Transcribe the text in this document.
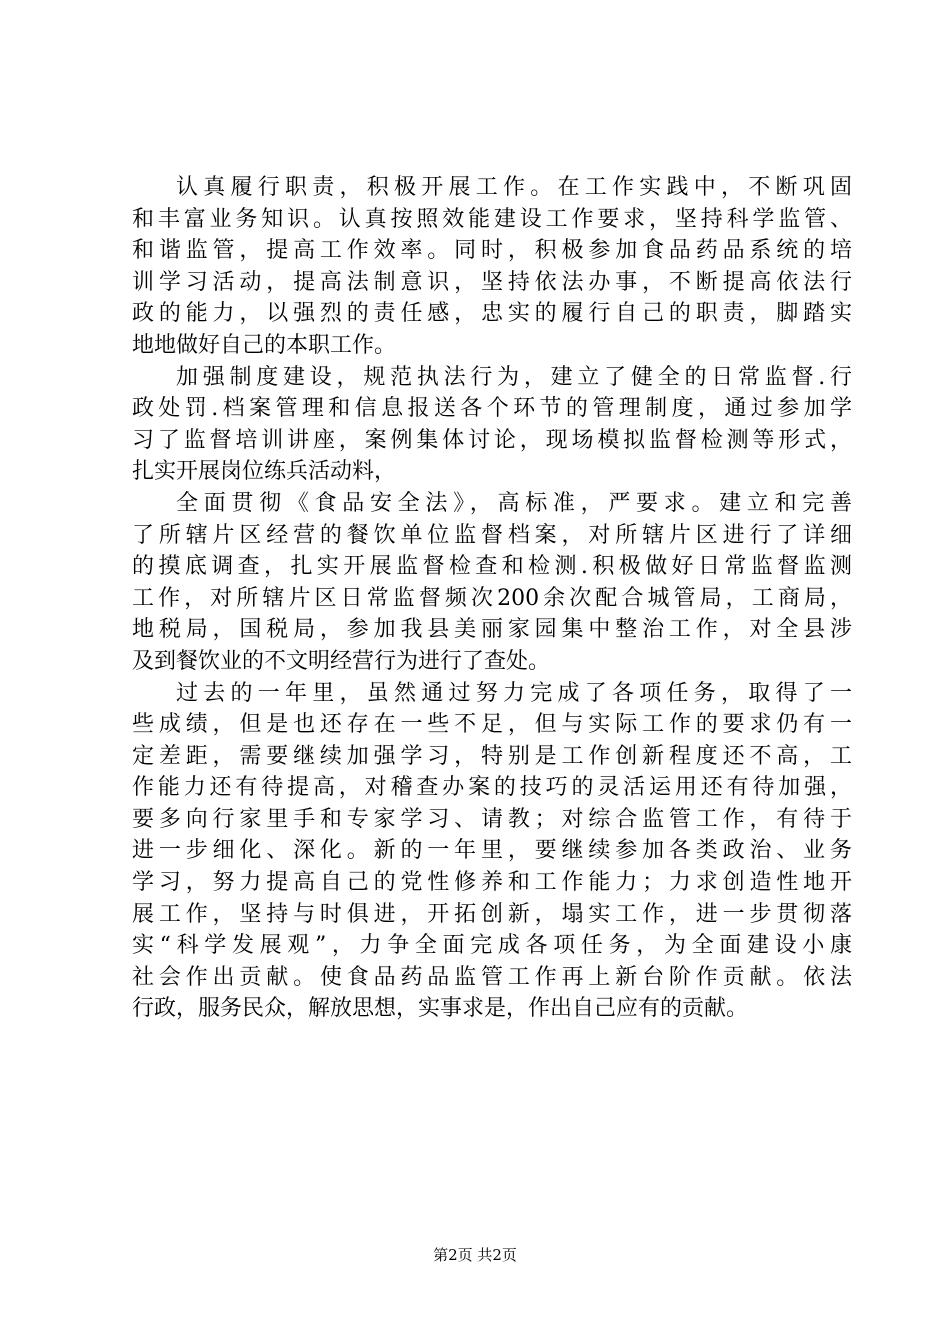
认真履行职责，积极开展工作。在工作实践中，不断巩固
和丰富业务知识。认真按照效能建设工作要求，坚持科学监管、
和谐监管，提高工作效率。同时，积极参加食品药品系统的培
训学习活动，提高法制意识，坚持依法办事，不断提高依法行
政的能力，以强烈的责任感，忠实的履行自己的职责，脚踏实
地地做好自己的本职工作。
加强制度建设，规范执法行为，建立了健全的日常监督.行
政处罚.档案管理和信息报送各个环节的管理制度，通过参加学
习了监督培训讲座，案例集体讨论，现场模拟监督检测等形式，
扎实开展岗位练兵活动料，
全面贯彻《食品安全法》，高标准，严要求。建立和完善
了所辖片区经营的餐饮单位监督档案，对所辖片区进行了详细
的摸底调查，扎实开展监督检查和检测.积极做好日常监督监测
工作，对所辖片区日常监督频次200余次配合城管局，工商局，
地税局，国税局，参加我县美丽家园集中整治工作，对全县涉
及到餐饮业的不文明经营行为进行了查处。
过去的一年里，虽然通过努力完成了各项任务，取得了一
些成绩，但是也还存在一些不足，但与实际工作的要求仍有一
定差距，需要继续加强学习，特别是工作创新程度还不高，工
作能力还有待提高，对稽查办案的技巧的灵活运用还有待加强，
要多向行家里手和专家学习、请教；对综合监管工作，有待于
进一步细化、深化。新的一年里，要继续参加各类政治、业务
学习，努力提高自己的党性修养和工作能力；力求创造性地开
展工作，坚持与时俱进，开拓创新，塌实工作，进一步贯彻落
实“科学发展观”，力争全面完成各项任务，为全面建设小康
社会作出贡献。使食品药品监管工作再上新台阶作贡献。依法
行政，服务民众，解放思想，实事求是，作出自己应有的贡献。
第2页 共2页
